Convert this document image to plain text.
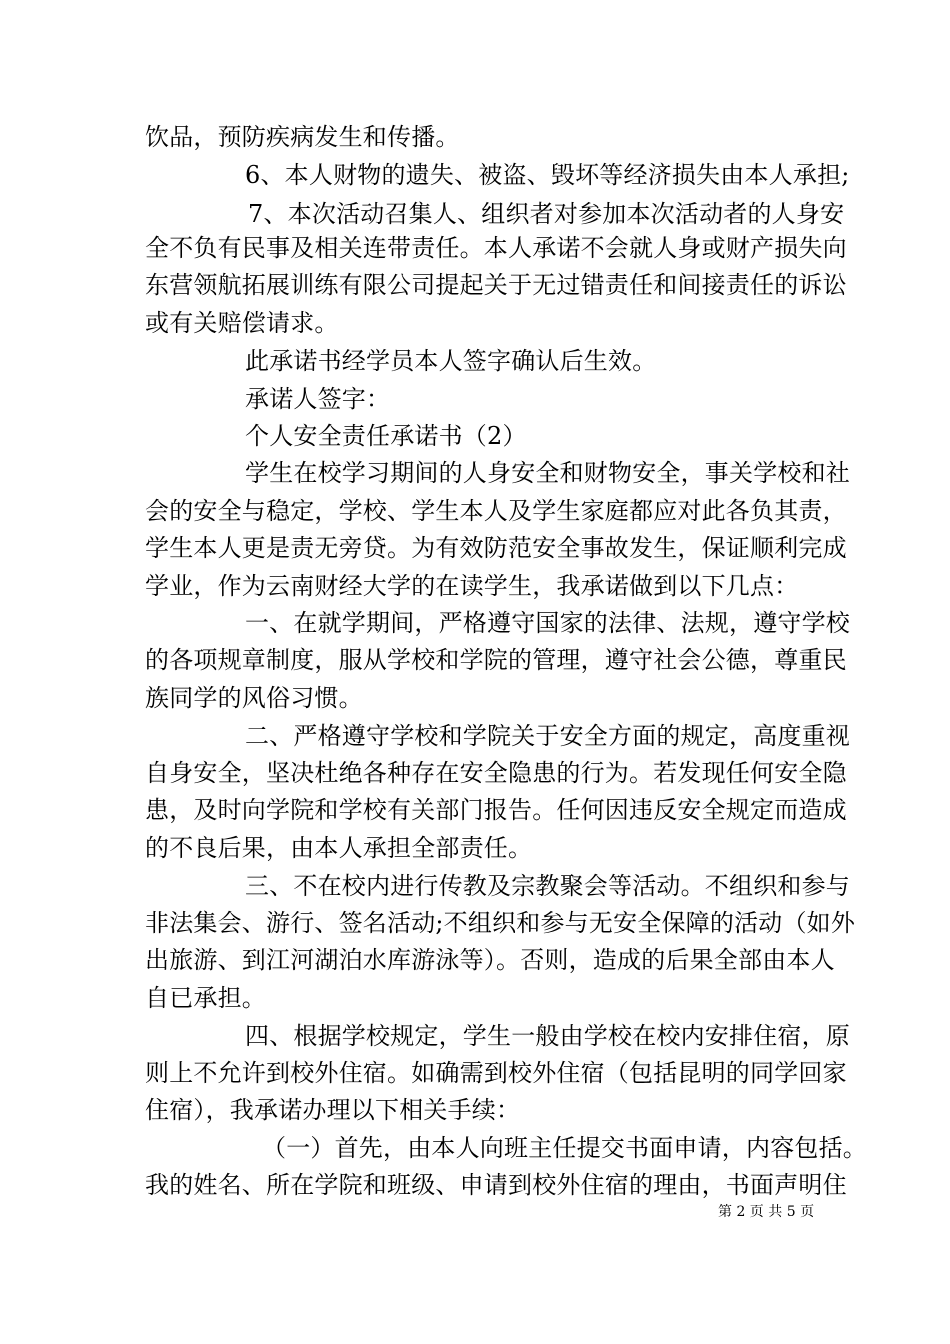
饮品，预防疾病发生和传播。
6、本人财物的遗失、被盗、毁坏等经济损失由本人承担;
7、本次活动召集人、组织者对参加本次活动者的人身安
全不负有民事及相关连带责任。本人承诺不会就人身或财产损失向
东营领航拓展训练有限公司提起关于无过错责任和间接责任的诉讼
或有关赔偿请求。
此承诺书经学员本人签字确认后生效。
承诺人签字：
个人安全责任承诺书（2）
学生在校学习期间的人身安全和财物安全，事关学校和社
会的安全与稳定，学校、学生本人及学生家庭都应对此各负其责，
学生本人更是责无旁贷。为有效防范安全事故发生，保证顺利完成
学业，作为云南财经大学的在读学生，我承诺做到以下几点：
一、在就学期间，严格遵守国家的法律、法规，遵守学校
的各项规章制度，服从学校和学院的管理，遵守社会公德，尊重民
族同学的风俗习惯。
二、严格遵守学校和学院关于安全方面的规定，高度重视
自身安全，坚决杜绝各种存在安全隐患的行为。若发现任何安全隐
患，及时向学院和学校有关部门报告。任何因违反安全规定而造成
的不良后果，由本人承担全部责任。
三、不在校内进行传教及宗教聚会等活动。不组织和参与
非法集会、游行、签名活动;不组织和参与无安全保障的活动（如外
出旅游、到江河湖泊水库游泳等）。否则，造成的后果全部由本人
自已承担。
四、根据学校规定，学生一般由学校在校内安排住宿，原
则上不允许到校外住宿。如确需到校外住宿（包括昆明的同学回家
住宿），我承诺办理以下相关手续：
（一）首先，由本人向班主任提交书面申请，内容包括。
我的姓名、所在学院和班级、申请到校外住宿的理由，书面声明住
第 2 页 共 5 页
